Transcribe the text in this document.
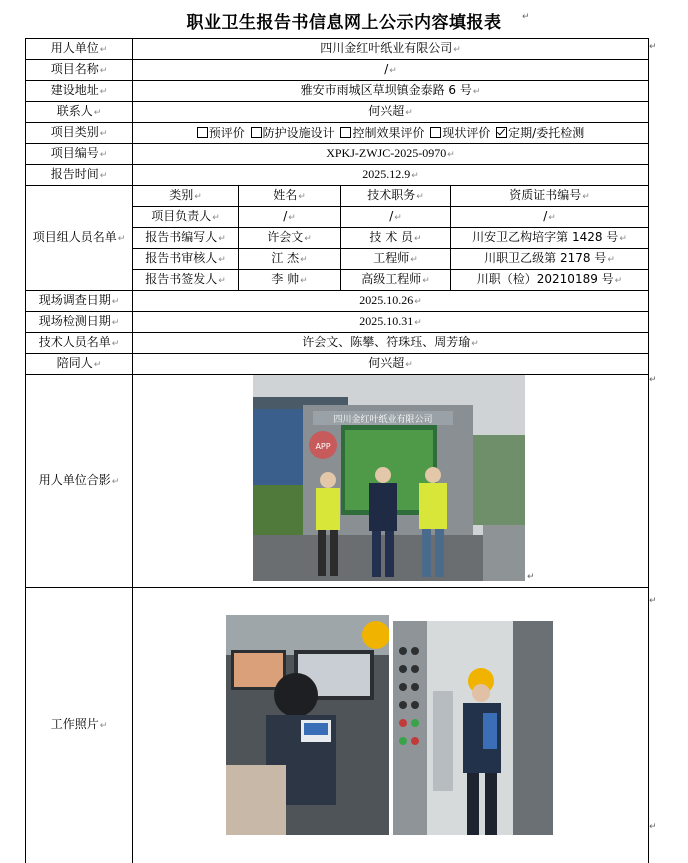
职业卫生报告书信息网上公示内容填报表
用人单位↵	四川金红叶纸业有限公司↵			
项目名称↵	/↵			
建设地址↵	雅安市雨城区草坝镇金泰路 6 号↵			
联系人↵	何兴超↵			
项目类别↵	预评价 防护设施设计 控制效果评价 现状评价 定期/委托检测			
项目编号↵	XPKJ-ZWJC-2025-0970↵			
报告时间↵	2025.12.9↵			
项目组人员名单↵	类别↵	姓名↵	技术职务↵	资质证书编号↵
	项目负责人↵	/↵	/↵	/↵
	报告书编写人↵	许会文↵	技 术 员↵	川安卫乙构培字第 1428 号↵
	报告书审核人↵	江 杰↵	工程师↵	川职卫乙级第 2178 号↵
	报告书签发人↵	李 帅↵	高级工程师↵	川职（检）20210189 号↵
现场调查日期↵	2025.10.26↵			
现场检测日期↵	2025.10.31↵			
技术人员名单↵	许会文、陈攀、符珠珏、周芳瑜↵			
陪同人↵	何兴超↵			
用人单位合影↵				
工作照片↵				
四川金红叶纸业有限公司
APP
↵
↵
↵
↵
↵
↵
